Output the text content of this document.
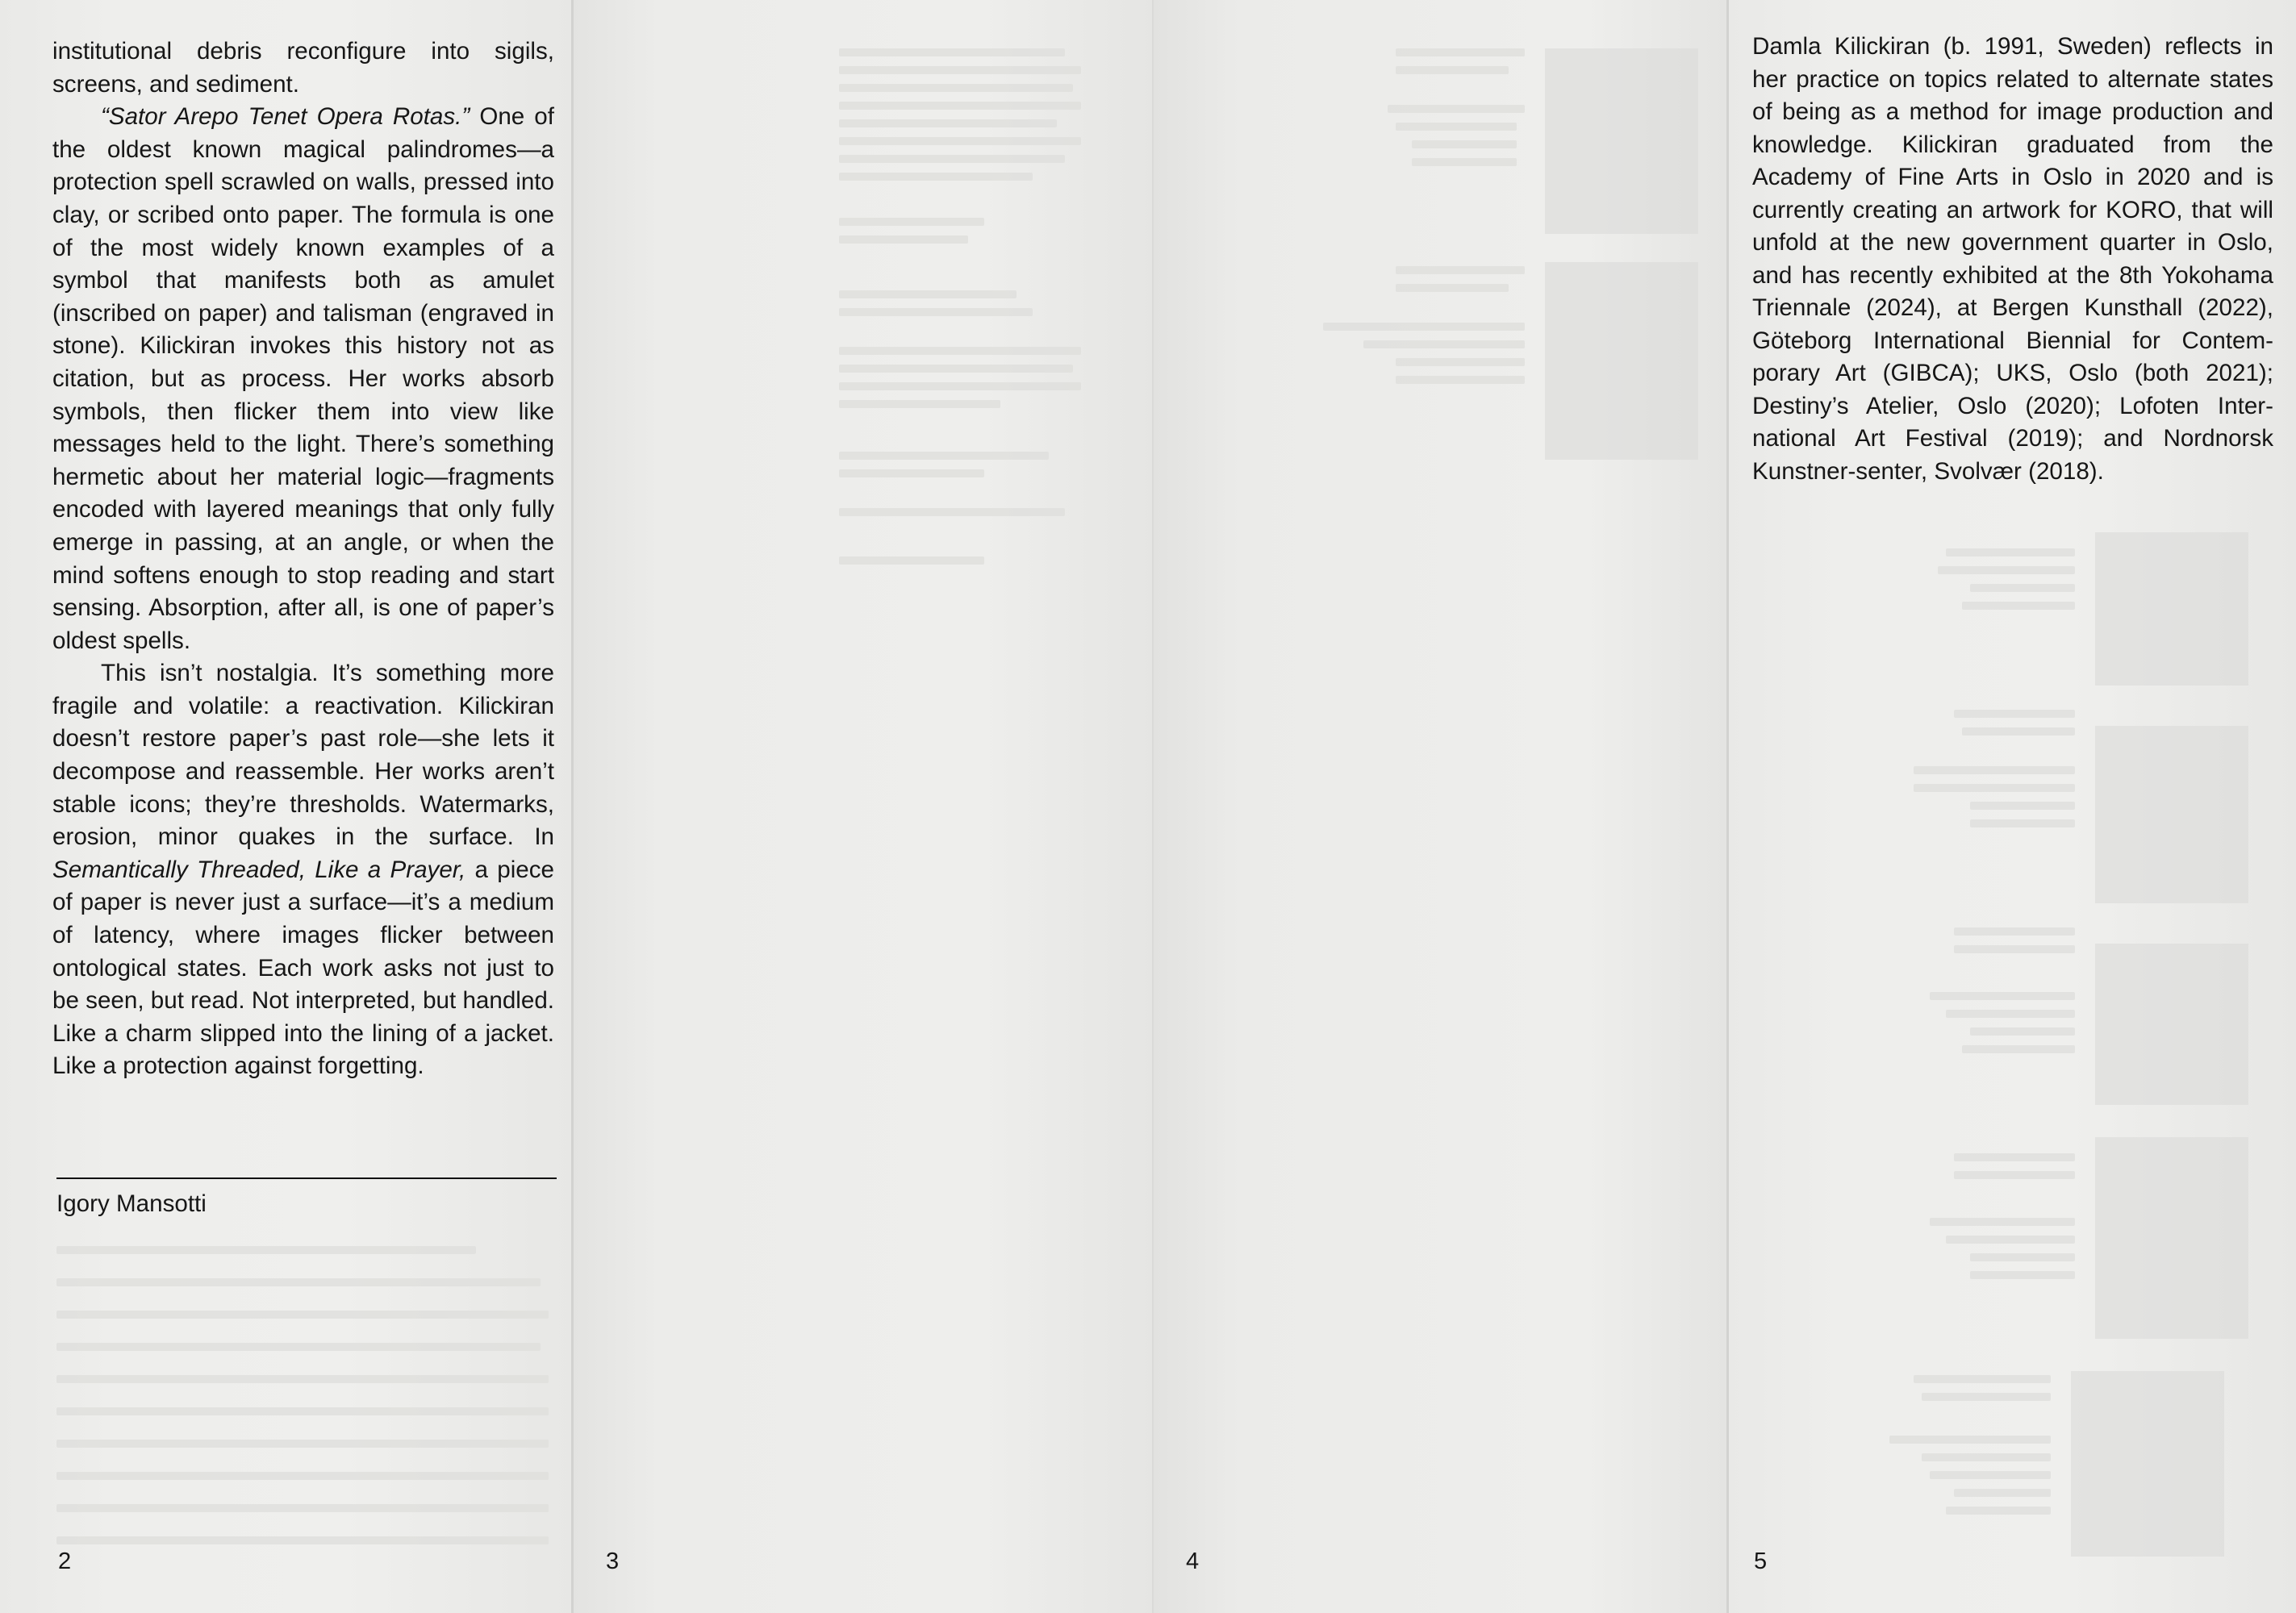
institutional debris reconfigure into sigils, screens, and sediment.

“Sator Arepo Tenet Opera Rotas.” One of the oldest known magical palindromes—a protection spell scrawled on walls, pressed into clay, or scribed onto paper. The formula is one of the most widely known examples of a symbol that manifests both as amulet (inscribed on paper) and talisman (engraved in stone). Kilickiran invokes this history not as citation, but as process. Her works absorb symbols, then flicker them into view like messages held to the light. There’s something hermetic about her material logic—fragments encoded with layered meanings that only fully emerge in passing, at an angle, or when the mind softens enough to stop reading and start sensing. Absorption, after all, is one of paper’s oldest spells.

This isn’t nostalgia. It’s something more fragile and volatile: a reactivation. Kilickiran doesn’t restore paper’s past role—she lets it decompose and reassemble. Her works aren’t stable icons; they’re thresholds. Watermarks, erosion, minor quakes in the surface. In Semantically Threaded, Like a Prayer, a piece of paper is never just a surface—it’s a medium of latency, where images flicker between ontological states. Each work asks not just to be seen, but read. Not interpreted, but handled. Like a charm slipped into the lining of a jacket. Like a protection against forgetting.

Igory Mansotti
2	3	4
Damla Kilickiran (b. 1991, Sweden) reflects in her practice on topics related to alternate states of being as a method for image production and knowledge. Kilickiran graduated from the Academy of Fine Arts in Oslo in 2020 and is currently creating an artwork for KORO, that will unfold at the new government quarter in Oslo, and has recently exhibited at the 8th Yokohama Triennale (2024), at Bergen Kunsthall (2022), Göteborg International Biennial for Contemporary Art (GIBCA); UKS, Oslo (both 2021); Destiny’s Atelier, Oslo (2020); Lofoten International Art Festival (2019); and Nordnorsk Kunstner-senter, Svolvær (2018).
5
